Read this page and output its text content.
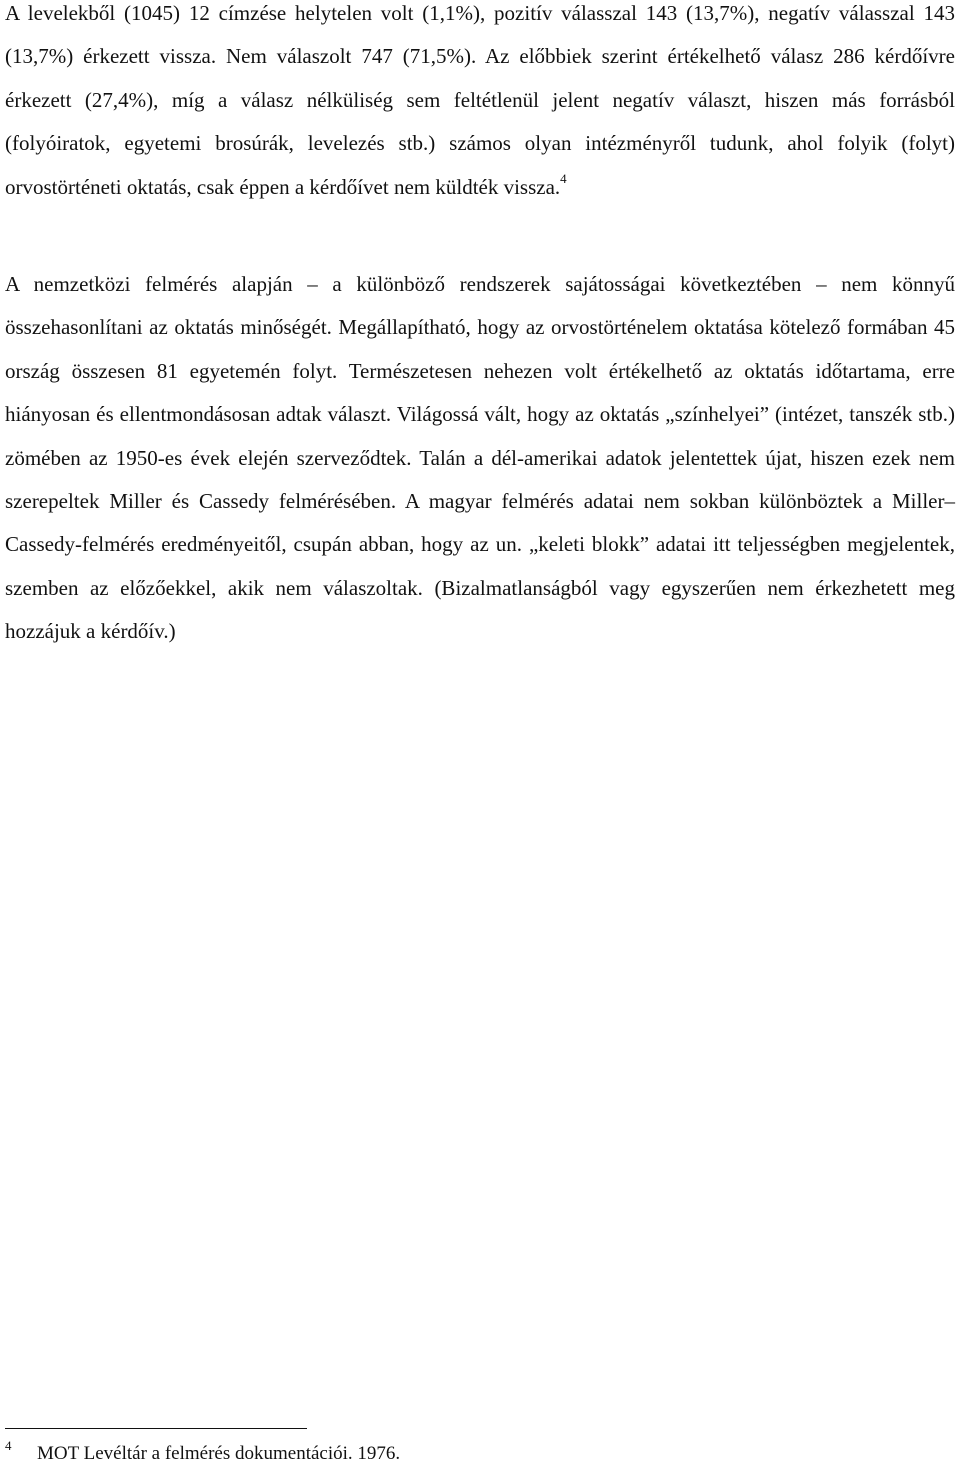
A levelekből (1045) 12 címzése helytelen volt (1,1%), pozitív válasszal 143 (13,7%), negatív válasszal 143 (13,7%) érkezett vissza. Nem válaszolt 747 (71,5%). Az előbbiek szerint értékelhető válasz 286 kérdőívre érkezett (27,4%), míg a válasz nélküliség sem feltétlenül jelent negatív választ, hiszen más forrásból (folyóiratok, egyetemi brosúrák, levelezés stb.) számos olyan intézményről tudunk, ahol folyik (folyt) orvostörténeti oktatás, csak éppen a kérdőívet nem küldték vissza.$^4$

A nemzetközi felmérés alapján – a különböző rendszerek sajátosságai következtében – nem könnyű összehasonlítani az oktatás minőségét. Megállapítható, hogy az orvostörténelem oktatása kötelező formában 45 ország összesen 81 egyetemén folyt. Természetesen nehezen volt értékelhető az oktatás időtartama, erre hiányosan és ellentmondásosan adtak választ. Világossá vált, hogy az oktatás „színhelyei” (intézet, tanszék stb.) zömében az 1950-es évek elején szerveződtek. Talán a dél-amerikai adatok jelentettek újat, hiszen ezek nem szerepeltek Miller és Cassedy felmérésében. A magyar felmérés adatai nem sokban különböztek a Miller–Cassedy-felmérés eredményeitől, csupán abban, hogy az un. „keleti blokk” adatai itt teljességben megjelentek, szemben az előzőekkel, akik nem válaszoltak. (Bizalmatlanságból vagy egyszerűen nem érkezhetett meg hozzájuk a kérdőív.)

4 MOT Levéltár a felmérés dokumentációi. 1976.
